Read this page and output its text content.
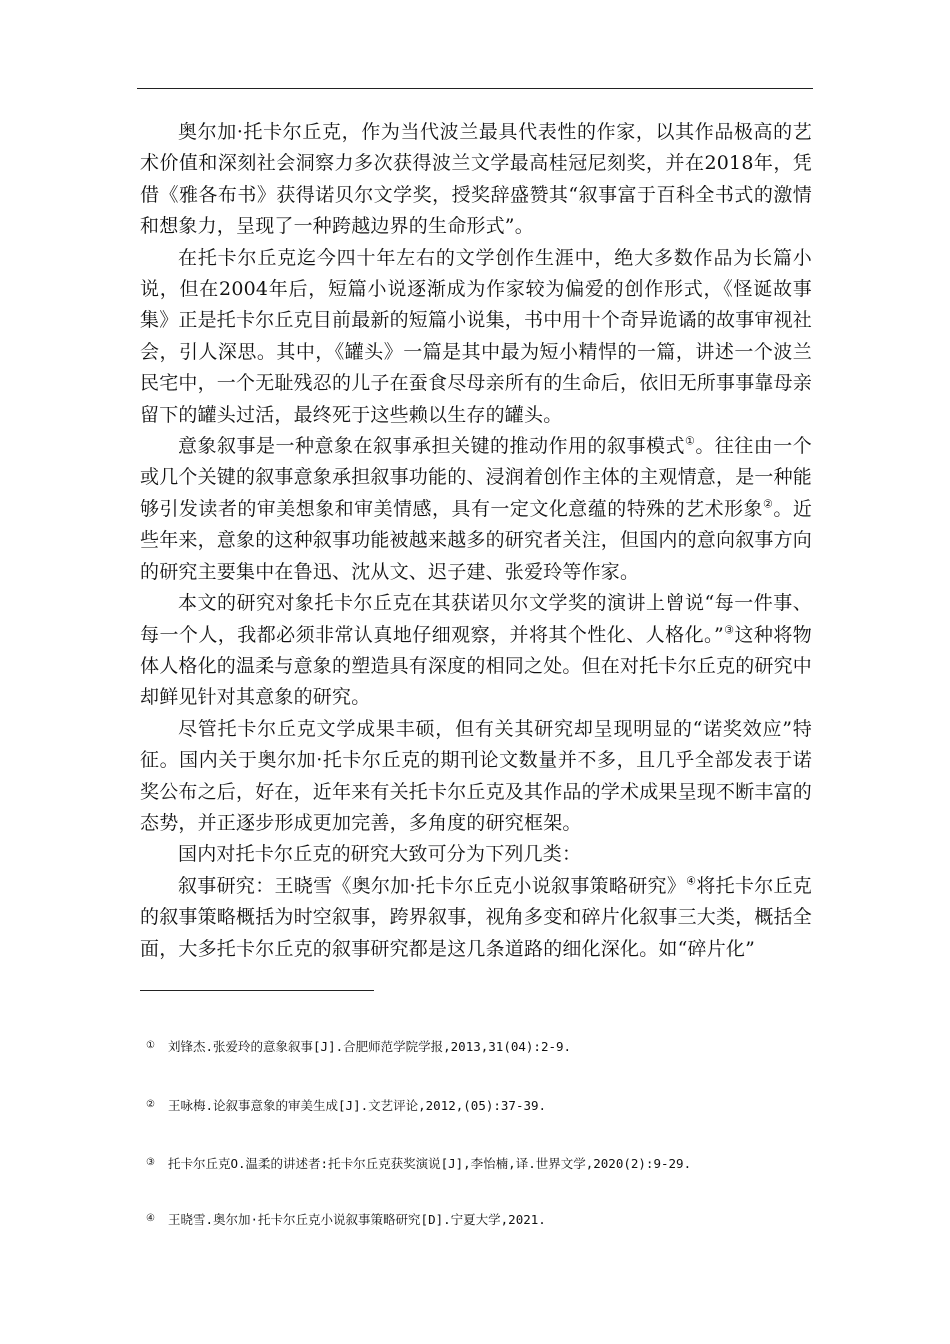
奥尔加·托卡尔丘克，作为当代波兰最具代表性的作家，以其作品极高的艺术价值和深刻社会洞察力多次获得波兰文学最高桂冠尼刻奖，并在2018年，凭借《雅各布书》获得诺贝尔文学奖，授奖辞盛赞其“叙事富于百科全书式的激情和想象力，呈现了一种跨越边界的生命形式”。

在托卡尔丘克迄今四十年左右的文学创作生涯中，绝大多数作品为长篇小说，但在2004年后，短篇小说逐渐成为作家较为偏爱的创作形式，《怪诞故事集》正是托卡尔丘克目前最新的短篇小说集，书中用十个奇异诡谲的故事审视社会，引人深思。其中，《罐头》一篇是其中最为短小精悍的一篇，讲述一个波兰民宅中，一个无耻残忍的儿子在蚕食尽母亲所有的生命后，依旧无所事事靠母亲留下的罐头过活，最终死于这些赖以生存的罐头。

意象叙事是一种意象在叙事承担关键的推动作用的叙事模式①。往往由一个或几个关键的叙事意象承担叙事功能的、浸润着创作主体的主观情意，是一种能够引发读者的审美想象和审美情感，具有一定文化意蕴的特殊的艺术形象②。近些年来，意象的这种叙事功能被越来越多的研究者关注，但国内的意向叙事方向的研究主要集中在鲁迅、沈从文、迟子建、张爱玲等作家。

本文的研究对象托卡尔丘克在其获诺贝尔文学奖的演讲上曾说“每一件事、每一个人，我都必须非常认真地仔细观察，并将其个性化、人格化。”③这种将物体人格化的温柔与意象的塑造具有深度的相同之处。但在对托卡尔丘克的研究中却鲜见针对其意象的研究。

尽管托卡尔丘克文学成果丰硕，但有关其研究却呈现明显的“诺奖效应”特征。国内关于奥尔加·托卡尔丘克的期刊论文数量并不多，且几乎全部发表于诺奖公布之后，好在，近年来有关托卡尔丘克及其作品的学术成果呈现不断丰富的态势，并正逐步形成更加完善，多角度的研究框架。

国内对托卡尔丘克的研究大致可分为下列几类：

叙事研究：王晓雪《奥尔加·托卡尔丘克小说叙事策略研究》④将托卡尔丘克的叙事策略概括为时空叙事，跨界叙事，视角多变和碎片化叙事三大类，概括全面，大多托卡尔丘克的叙事研究都是这几条道路的细化深化。如“碎片化”

① 刘锋杰.张爱玲的意象叙事[J].合肥师范学院学报,2013,31(04):2-9.
② 王咏梅.论叙事意象的审美生成[J].文艺评论,2012,(05):37-39.
③ 托卡尔丘克O.温柔的讲述者:托卡尔丘克获奖演说[J],李怡楠,译.世界文学,2020(2):9-29.
④ 王晓雪.奥尔加·托卡尔丘克小说叙事策略研究[D].宁夏大学,2021.
